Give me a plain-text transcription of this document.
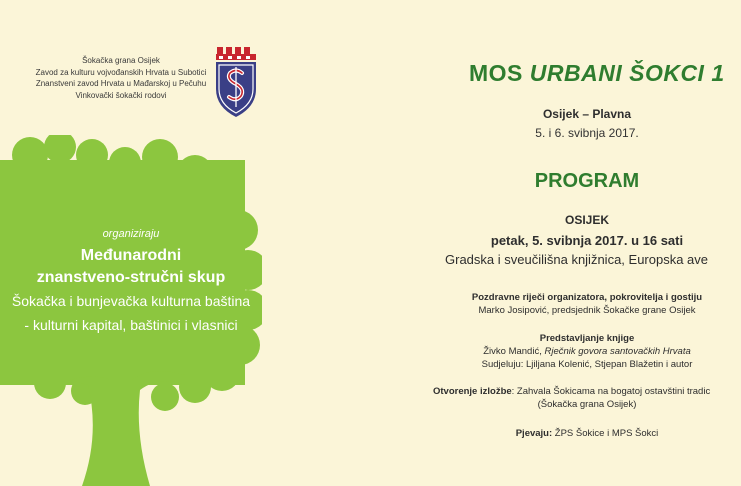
Šokačka grana Osijek
Zavod za kulturu vojvođanskih Hrvata u Subotici
Znanstveni zavod Hrvata u Mađarskoj u Pečuhu
Vinkovački šokački rodovi
organiziraju
Međunarodni
znanstveno-stručni skup
Šokačka i bunjevačka kulturna baština
- kulturni kapital, baštinici i vlasnici
MOS URBANI ŠOKCI 1
Osijek – Plavna
5. i 6. svibnja 2017.
PROGRAM
OSIJEK
petak, 5. svibnja 2017. u 16 sati
Gradska i sveučilišna knjižnica, Europska ave
Pozdravne riječi organizatora, pokrovitelja i gostiju
Marko Josipović, predsjednik Šokačke grane Osijek
Predstavljanje knjige
Živko Mandić, Rječnik govora santovačkih Hrvata
Sudjeluju: Ljiljana Kolenić, Stjepan Blažetin i autor
Otvorenje izložbe: Zahvala Šokicama na bogatoj ostavštini tradic
(Šokačka grana Osijek)
Pjevaju: ŽPS Šokice i MPS Šokci
